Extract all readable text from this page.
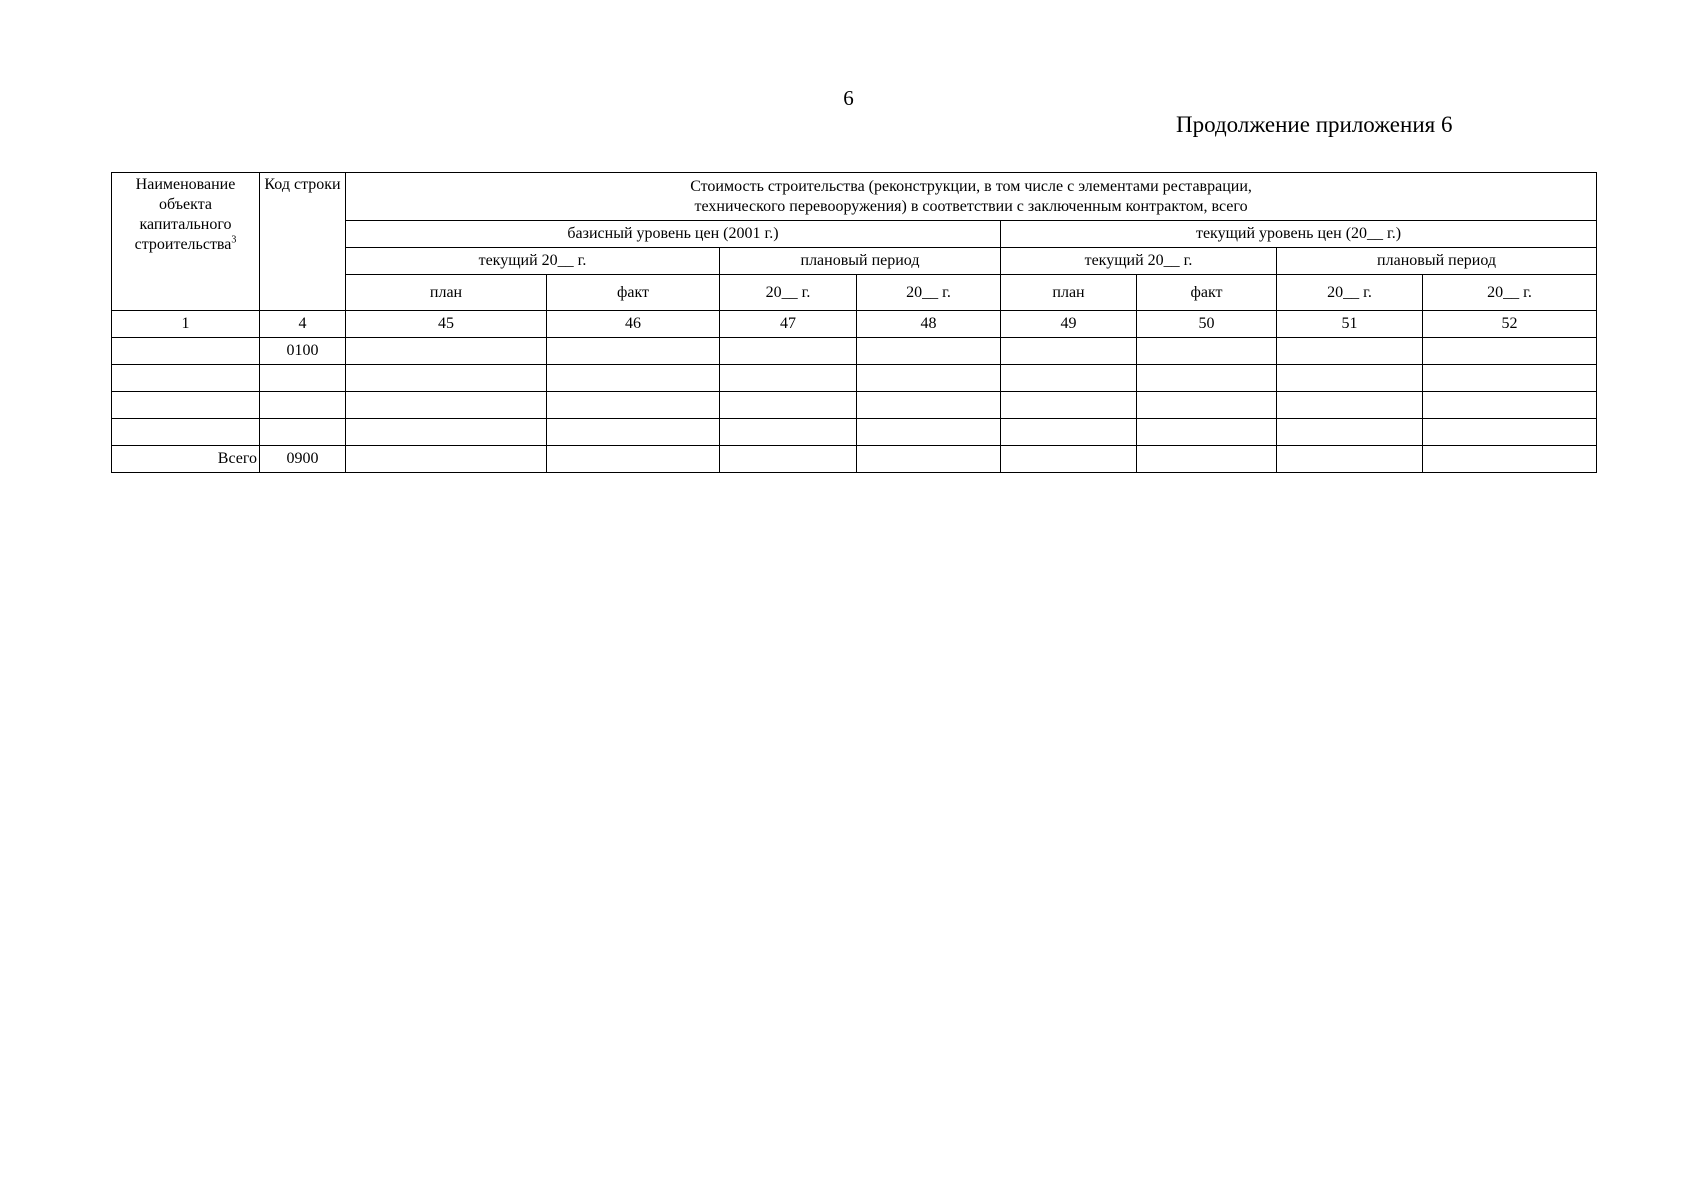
6
Продолжение приложения 6
Наименование объекта капитального строительства$^3$	Код строки	Стоимость строительства (реконструкции, в том числе с элементами реставрации,
технического перевооружения) в соответствии с заключенным контрактом, всего							

		базисный уровень цен (2001 г.)				текущий уровень цен (20__ г.)			
		текущий 20__ г.		плановый период		текущий 20__ г.		плановый период	
		план	факт	20__ г.	20__ г.	план	факт	20__ г.	20__ г.
1	4	45	46	47	48	49	50	51	52
	0100								

Всего	0900								
